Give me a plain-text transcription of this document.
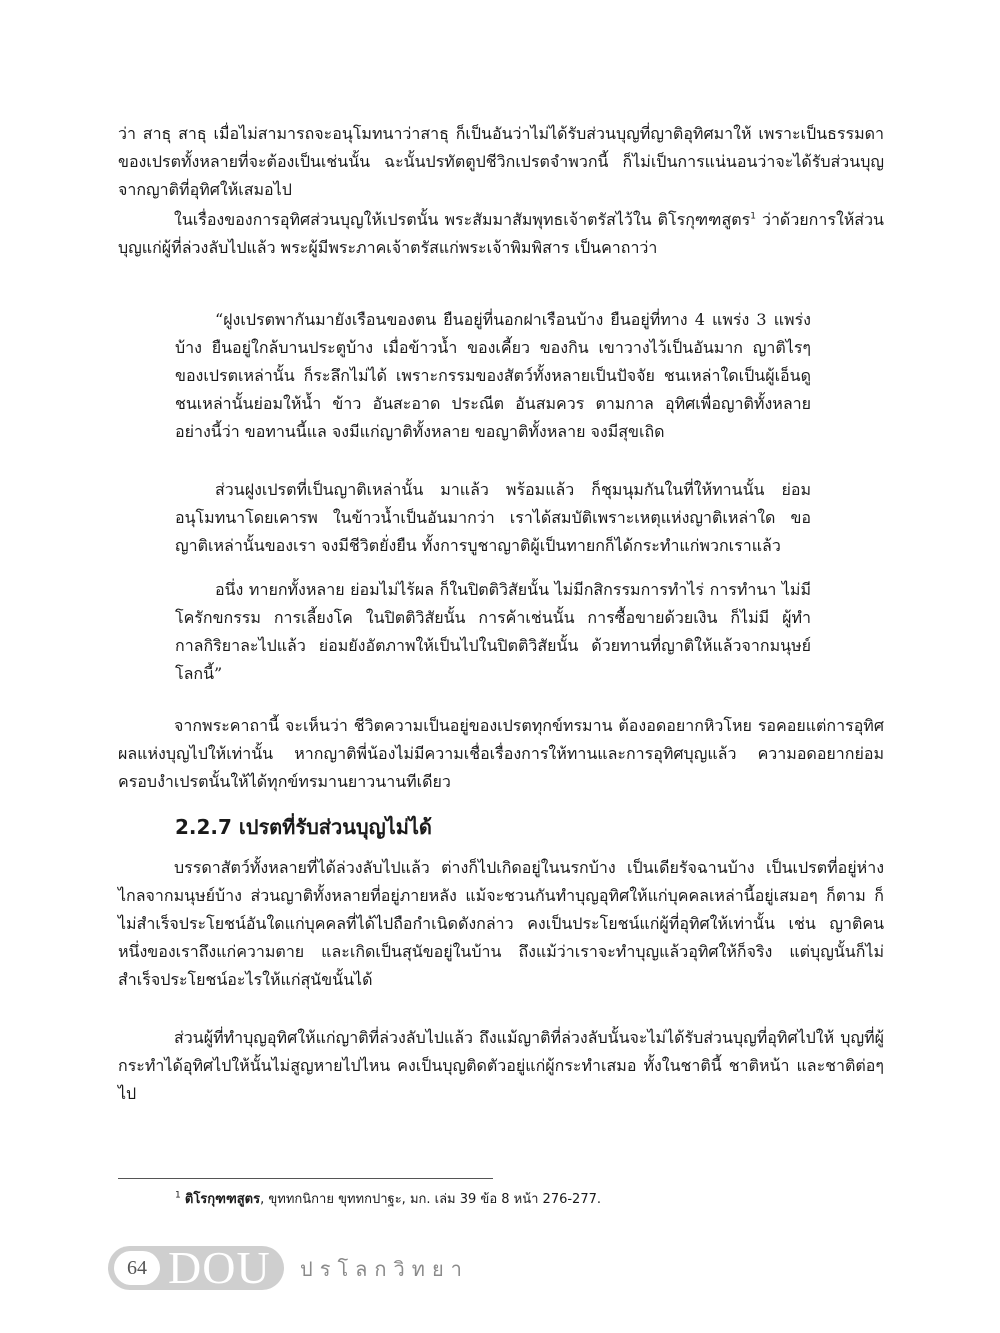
ว่า สาธุ สาธุ เมื่อไม่สามารถจะอนุโมทนาว่าสาธุ ก็เป็นอันว่าไม่ได้รับส่วนบุญที่ญาติอุทิศมาให้ เพราะเป็นธรรมดาของเปรตทั้งหลายที่จะต้องเป็นเช่นนั้น ฉะนั้นปรทัตตูปชีวิกเปรตจำพวกนี้ ก็ไม่เป็นการแน่นอนว่าจะได้รับส่วนบุญจากญาติที่อุทิศให้เสมอไป

ในเรื่องของการอุทิศส่วนบุญให้เปรตนั้น พระสัมมาสัมพุทธเจ้าตรัสไว้ใน ติโรกุฑฑสูตร$^1$ ว่าด้วยการให้ส่วนบุญแก่ผู้ที่ล่วงลับไปแล้ว พระผู้มีพระภาคเจ้าตรัสแก่พระเจ้าพิมพิสาร เป็นคาถาว่า

“ฝูงเปรตพากันมายังเรือนของตน ยืนอยู่ที่นอกฝาเรือนบ้าง ยืนอยู่ที่ทาง 4 แพร่ง 3 แพร่งบ้าง ยืนอยู่ใกล้บานประตูบ้าง เมื่อข้าวน้ำ ของเคี้ยว ของกิน เขาวางไว้เป็นอันมาก ญาติไรๆ ของเปรตเหล่านั้น ก็ระลึกไม่ได้ เพราะกรรมของสัตว์ทั้งหลายเป็นปัจจัย ชนเหล่าใดเป็นผู้เอ็นดู ชนเหล่านั้นย่อมให้น้ำ ข้าว อันสะอาด ประณีต อันสมควร ตามกาล อุทิศเพื่อญาติทั้งหลาย อย่างนี้ว่า ขอทานนี้แล จงมีแก่ญาติทั้งหลาย ขอญาติทั้งหลาย จงมีสุขเถิด

ส่วนฝูงเปรตที่เป็นญาติเหล่านั้น มาแล้ว พร้อมแล้ว ก็ชุมนุมกันในที่ให้ทานนั้น ย่อมอนุโมทนาโดยเคารพ ในข้าวน้ำเป็นอันมากว่า เราได้สมบัติเพราะเหตุแห่งญาติเหล่าใด ขอญาติเหล่านั้นของเรา จงมีชีวิตยั่งยืน ทั้งการบูชาญาติผู้เป็นทายกก็ได้กระทำแก่พวกเราแล้ว

อนึ่ง ทายกทั้งหลาย ย่อมไม่ไร้ผล ก็ในปิตติวิสัยนั้น ไม่มีกสิกรรมการทำไร่ การทำนา ไม่มีโครักขกรรม การเลี้ยงโค ในปิตติวิสัยนั้น การค้าเช่นนั้น การซื้อขายด้วยเงิน ก็ไม่มี ผู้ทำกาลกิริยาละไปแล้ว ย่อมยังอัตภาพให้เป็นไปในปิตติวิสัยนั้น ด้วยทานที่ญาติให้แล้วจากมนุษย์โลกนี้”

จากพระคาถานี้ จะเห็นว่า ชีวิตความเป็นอยู่ของเปรตทุกข์ทรมาน ต้องอดอยากหิวโหย รอคอยแต่การอุทิศผลแห่งบุญไปให้เท่านั้น หากญาติพี่น้องไม่มีความเชื่อเรื่องการให้ทานและการอุทิศบุญแล้ว ความอดอยากย่อมครอบงำเปรตนั้นให้ได้ทุกข์ทรมานยาวนานทีเดียว

2.2.7 เปรตที่รับส่วนบุญไม่ได้

บรรดาสัตว์ทั้งหลายที่ได้ล่วงลับไปแล้ว ต่างก็ไปเกิดอยู่ในนรกบ้าง เป็นเดียรัจฉานบ้าง เป็นเปรตที่อยู่ห่างไกลจากมนุษย์บ้าง ส่วนญาติทั้งหลายที่อยู่ภายหลัง แม้จะชวนกันทำบุญอุทิศให้แก่บุคคลเหล่านี้อยู่เสมอๆ ก็ตาม ก็ไม่สำเร็จประโยชน์อันใดแก่บุคคลที่ได้ไปถือกำเนิดดังกล่าว คงเป็นประโยชน์แก่ผู้ที่อุทิศให้เท่านั้น เช่น ญาติคนหนึ่งของเราถึงแก่ความตาย และเกิดเป็นสุนัขอยู่ในบ้าน ถึงแม้ว่าเราจะทำบุญแล้วอุทิศให้ก็จริง แต่บุญนั้นก็ไม่สำเร็จประโยชน์อะไรให้แก่สุนัขนั้นได้

ส่วนผู้ที่ทำบุญอุทิศให้แก่ญาติที่ล่วงลับไปแล้ว ถึงแม้ญาติที่ล่วงลับนั้นจะไม่ได้รับส่วนบุญที่อุทิศไปให้ บุญที่ผู้กระทำได้อุทิศไปให้นั้นไม่สูญหายไปไหน คงเป็นบุญติดตัวอยู่แก่ผู้กระทำเสมอ ทั้งในชาตินี้ ชาติหน้า และชาติต่อๆ ไป

$^1$ ติโรกุฑฑสูตร, ขุททกนิกาย ขุททกปาฐะ, มก. เล่ม 39 ข้อ 8 หน้า 276-277.

64 DOU ปรโลกวิทยา
